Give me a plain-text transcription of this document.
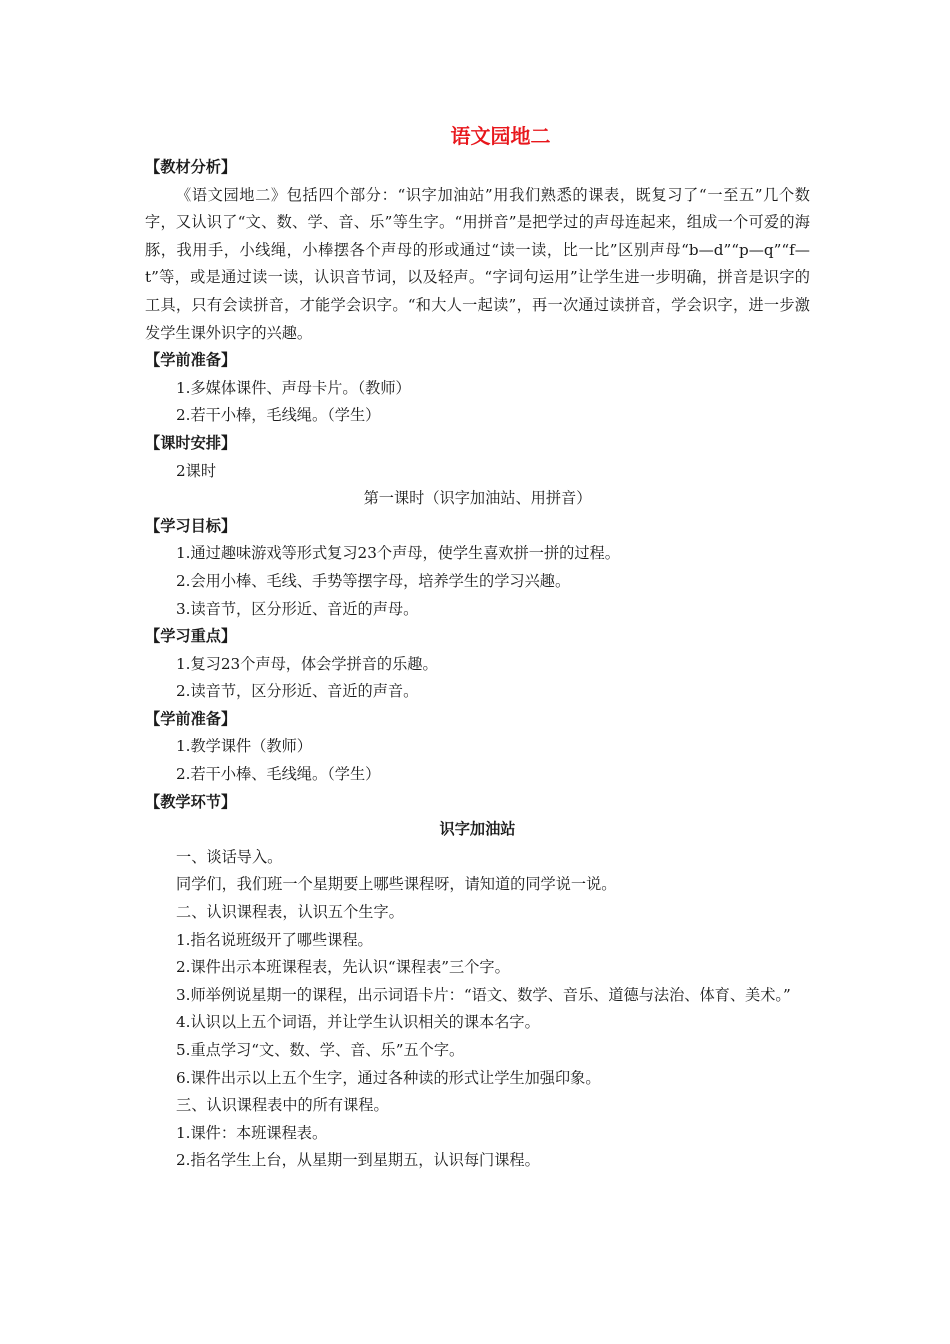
语文园地二

【教材分析】

《语文园地二》包括四个部分：“识字加油站”用我们熟悉的课表，既复习了“一至五”几个数字，又认识了“文、数、学、音、乐”等生字。“用拼音”是把学过的声母连起来，组成一个可爱的海豚，我用手，小线绳，小棒摆各个声母的形或通过“读一读，比一比”区别声母“b—d”“p—q”“f—t”等，或是通过读一读，认识音节词，以及轻声。“字词句运用”让学生进一步明确，拼音是识字的工具，只有会读拼音，才能学会识字。“和大人一起读”，再一次通过读拼音，学会识字，进一步激发学生课外识字的兴趣。

【学前准备】

1.多媒体课件、声母卡片。（教师）

2.若干小棒，毛线绳。（学生）

【课时安排】

2课时

第一课时（识字加油站、用拼音）

【学习目标】

1.通过趣味游戏等形式复习23个声母，使学生喜欢拼一拼的过程。

2.会用小棒、毛线、手势等摆字母，培养学生的学习兴趣。

3.读音节，区分形近、音近的声母。

【学习重点】

1.复习23个声母，体会学拼音的乐趣。

2.读音节，区分形近、音近的声音。

【学前准备】

1.教学课件（教师）

2.若干小棒、毛线绳。（学生）

【教学环节】

识字加油站

一、谈话导入。

同学们，我们班一个星期要上哪些课程呀，请知道的同学说一说。

二、认识课程表，认识五个生字。

1.指名说班级开了哪些课程。

2.课件出示本班课程表，先认识“课程表”三个字。

3.师举例说星期一的课程，出示词语卡片：“语文、数学、音乐、道德与法治、体育、美术。”

4.认识以上五个词语，并让学生认识相关的课本名字。

5.重点学习“文、数、学、音、乐”五个字。

6.课件出示以上五个生字，通过各种读的形式让学生加强印象。

三、认识课程表中的所有课程。

1.课件：本班课程表。

2.指名学生上台，从星期一到星期五，认识每门课程。
